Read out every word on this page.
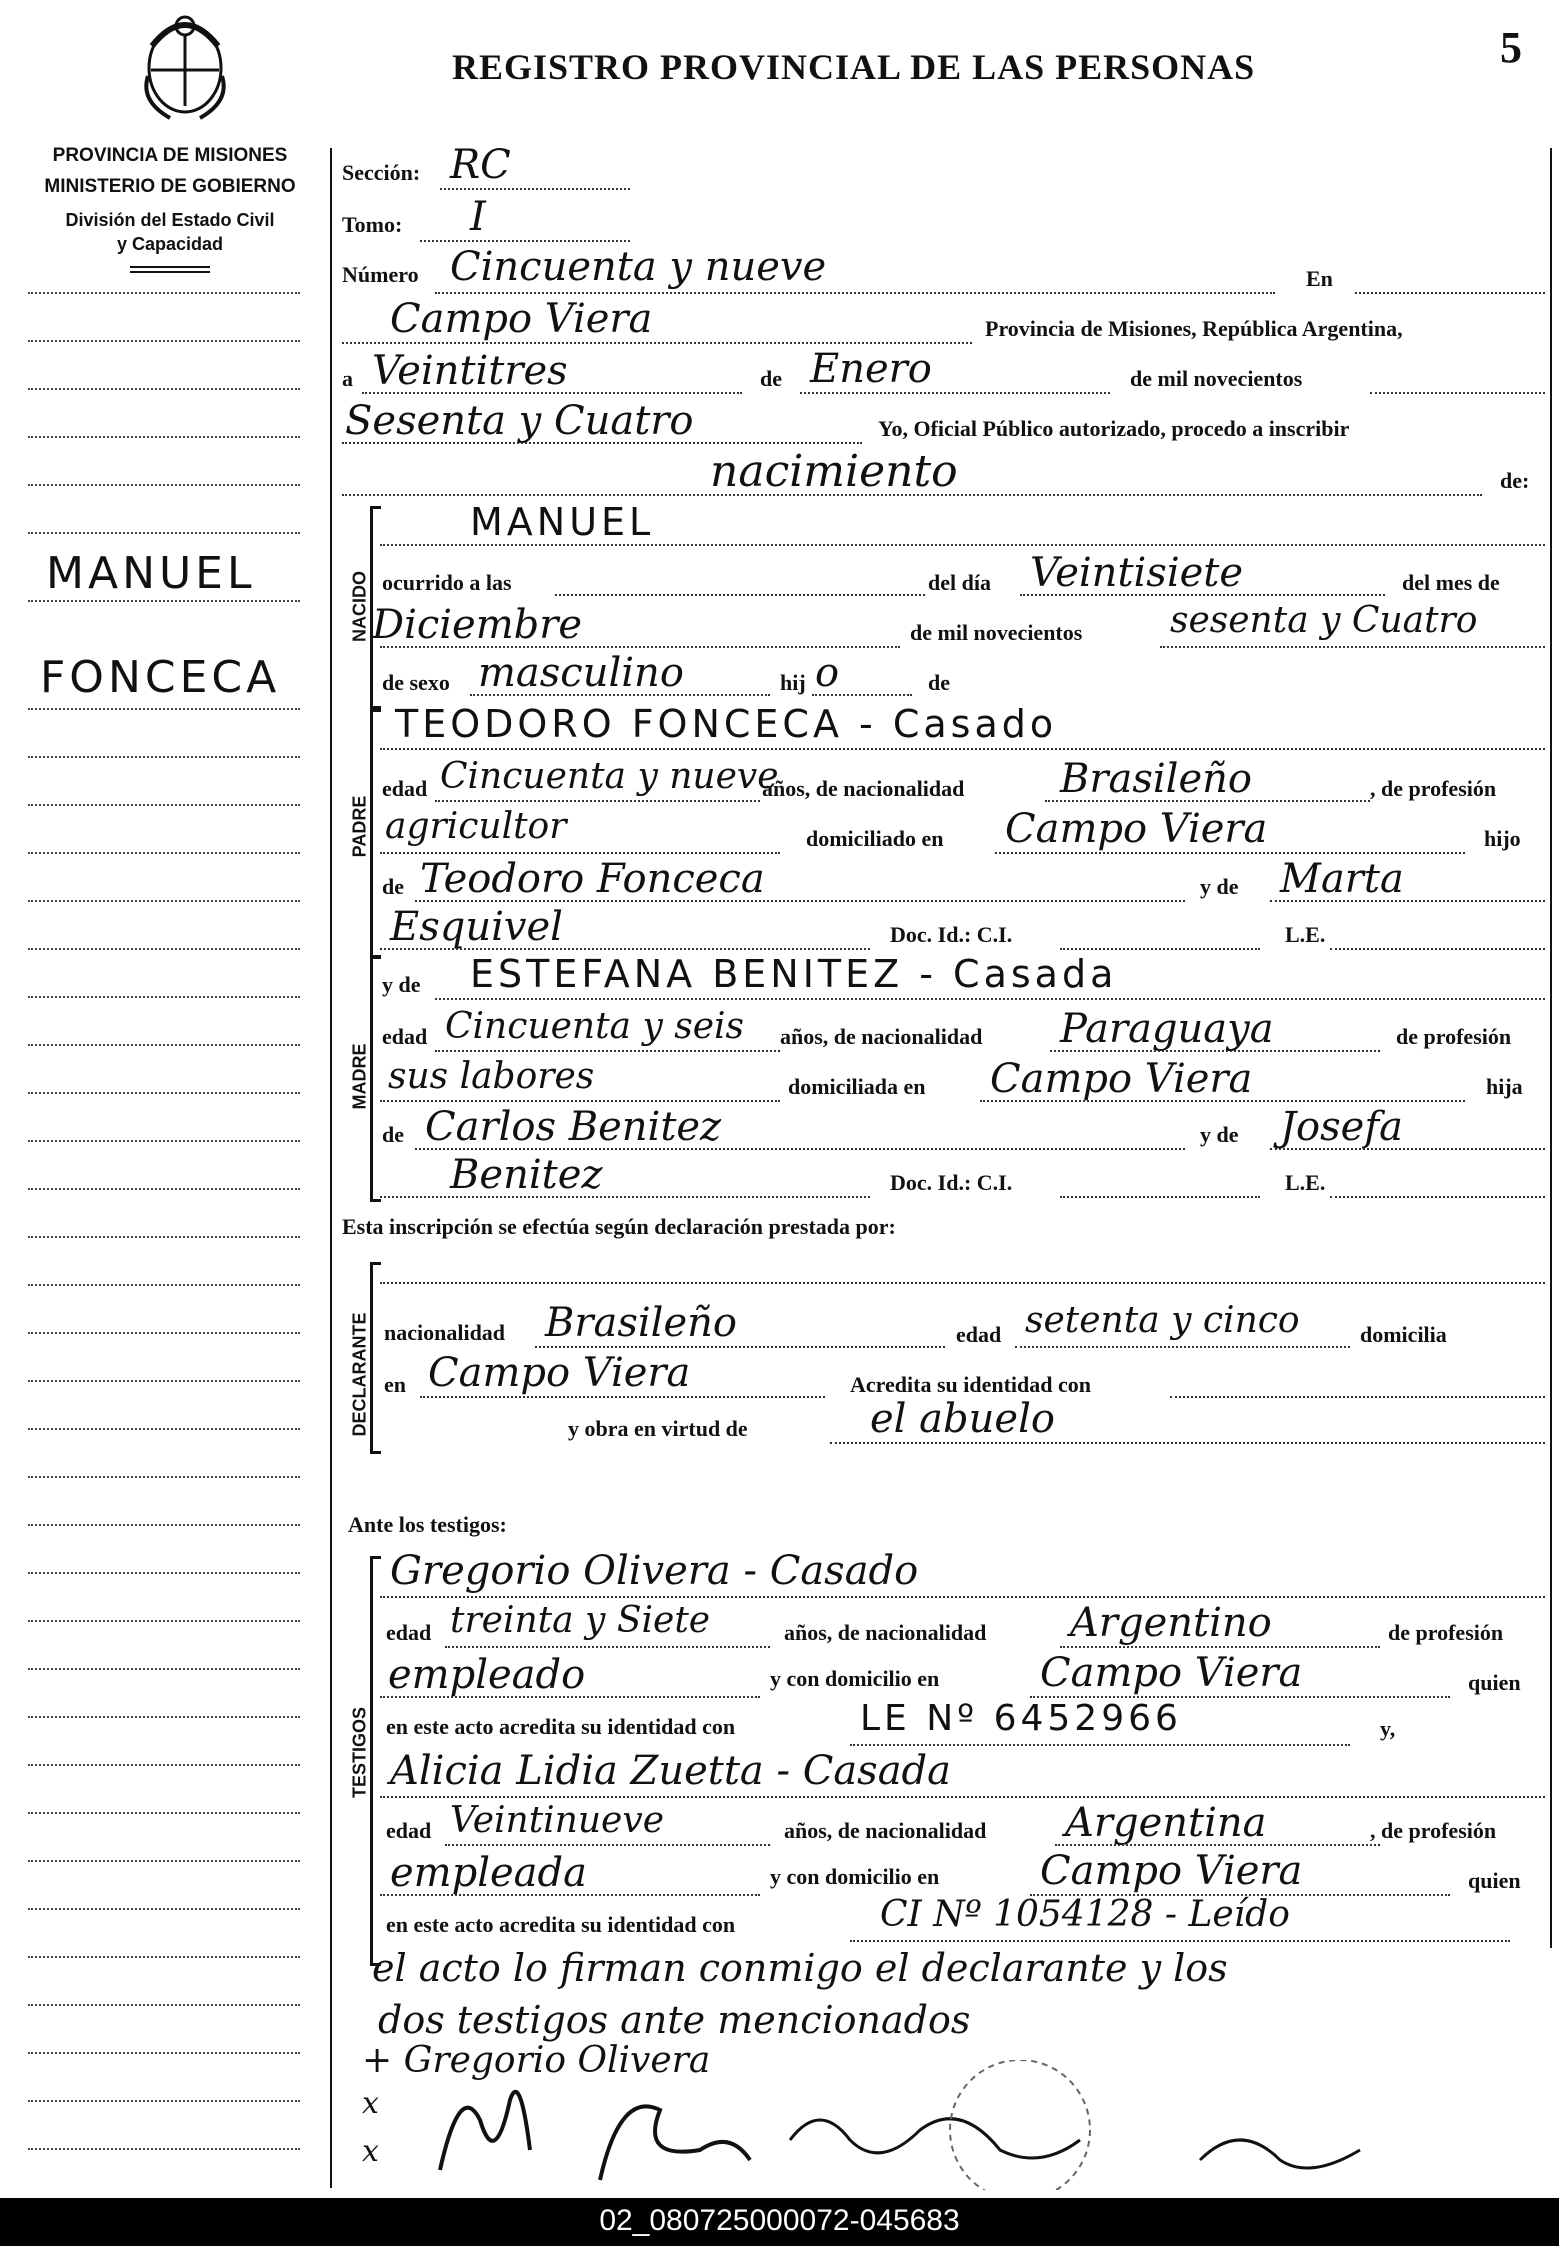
REGISTRO PROVINCIAL DE LAS PERSONAS	5
PROVINCIA DE MISIONES
MINISTERIO DE GOBIERNO
División del Estado Civil
y Capacidad
MANUEL
FONCECA
Sección: RC
Tomo: I
Número Cincuenta y nueve	En
Campo Viera	Provincia de Misiones, República Argentina,
a Veintitres	de Enero	de mil novecientos
Sesenta y Cuatro	Yo, Oficial Público autorizado, procedo a inscribir
nacimiento	de:
NACIDO
MANUEL
ocurrido a las	del día Veintisiete	del mes de
Diciembre	de mil novecientos sesenta y Cuatro
de sexo masculino	hij o	de
PADRE
TEODORO FONCECA - Casado
edad Cincuenta y nueve
años, de nacionalidad Brasileño	, de profesión
agricultor	domiciliado en Campo Viera	hijo
de Teodoro Fonceca	y de Marta
Esquivel	Doc. Id.: C.I.	L.E.
MADRE
y de ESTEFANA BENITEZ - Casada
edad Cincuenta y seis años, de nacionalidad Paraguaya	de profesión
sus labores	domiciliada en Campo Viera	hija
de Carlos Benitez	y de Josefa
Benitez	Doc. Id.: C.I.	L.E.
Esta inscripción se efectúa según declaración prestada por:
DECLARANTE nacionalidad Brasileño	edad setenta y cinco	domicilia
en Campo Viera	Acredita su identidad con
y obra en virtud de	el abuelo
Ante los testigos:
TESTIGOS
Gregorio Olivera - Casado
edad treinta y Siete	años, de nacionalidad Argentino	de profesión
empleado	y con domicilio en	Campo Viera	quien
en este acto acredita su identidad con	LE Nº 6452966	y,
Alicia Lidia Zuetta - Casada
edad Veintinueve	años, de nacionalidad Argentina	, de profesión
empleada	y con domicilio en	Campo Viera	quien
en este acto acredita su identidad con	CI Nº 1054128 - Leído
el acto lo firman conmigo el declarante y los
dos testigos ante mencionados
+ Gregorio Olivera
x
x
02_080725000072-045683
